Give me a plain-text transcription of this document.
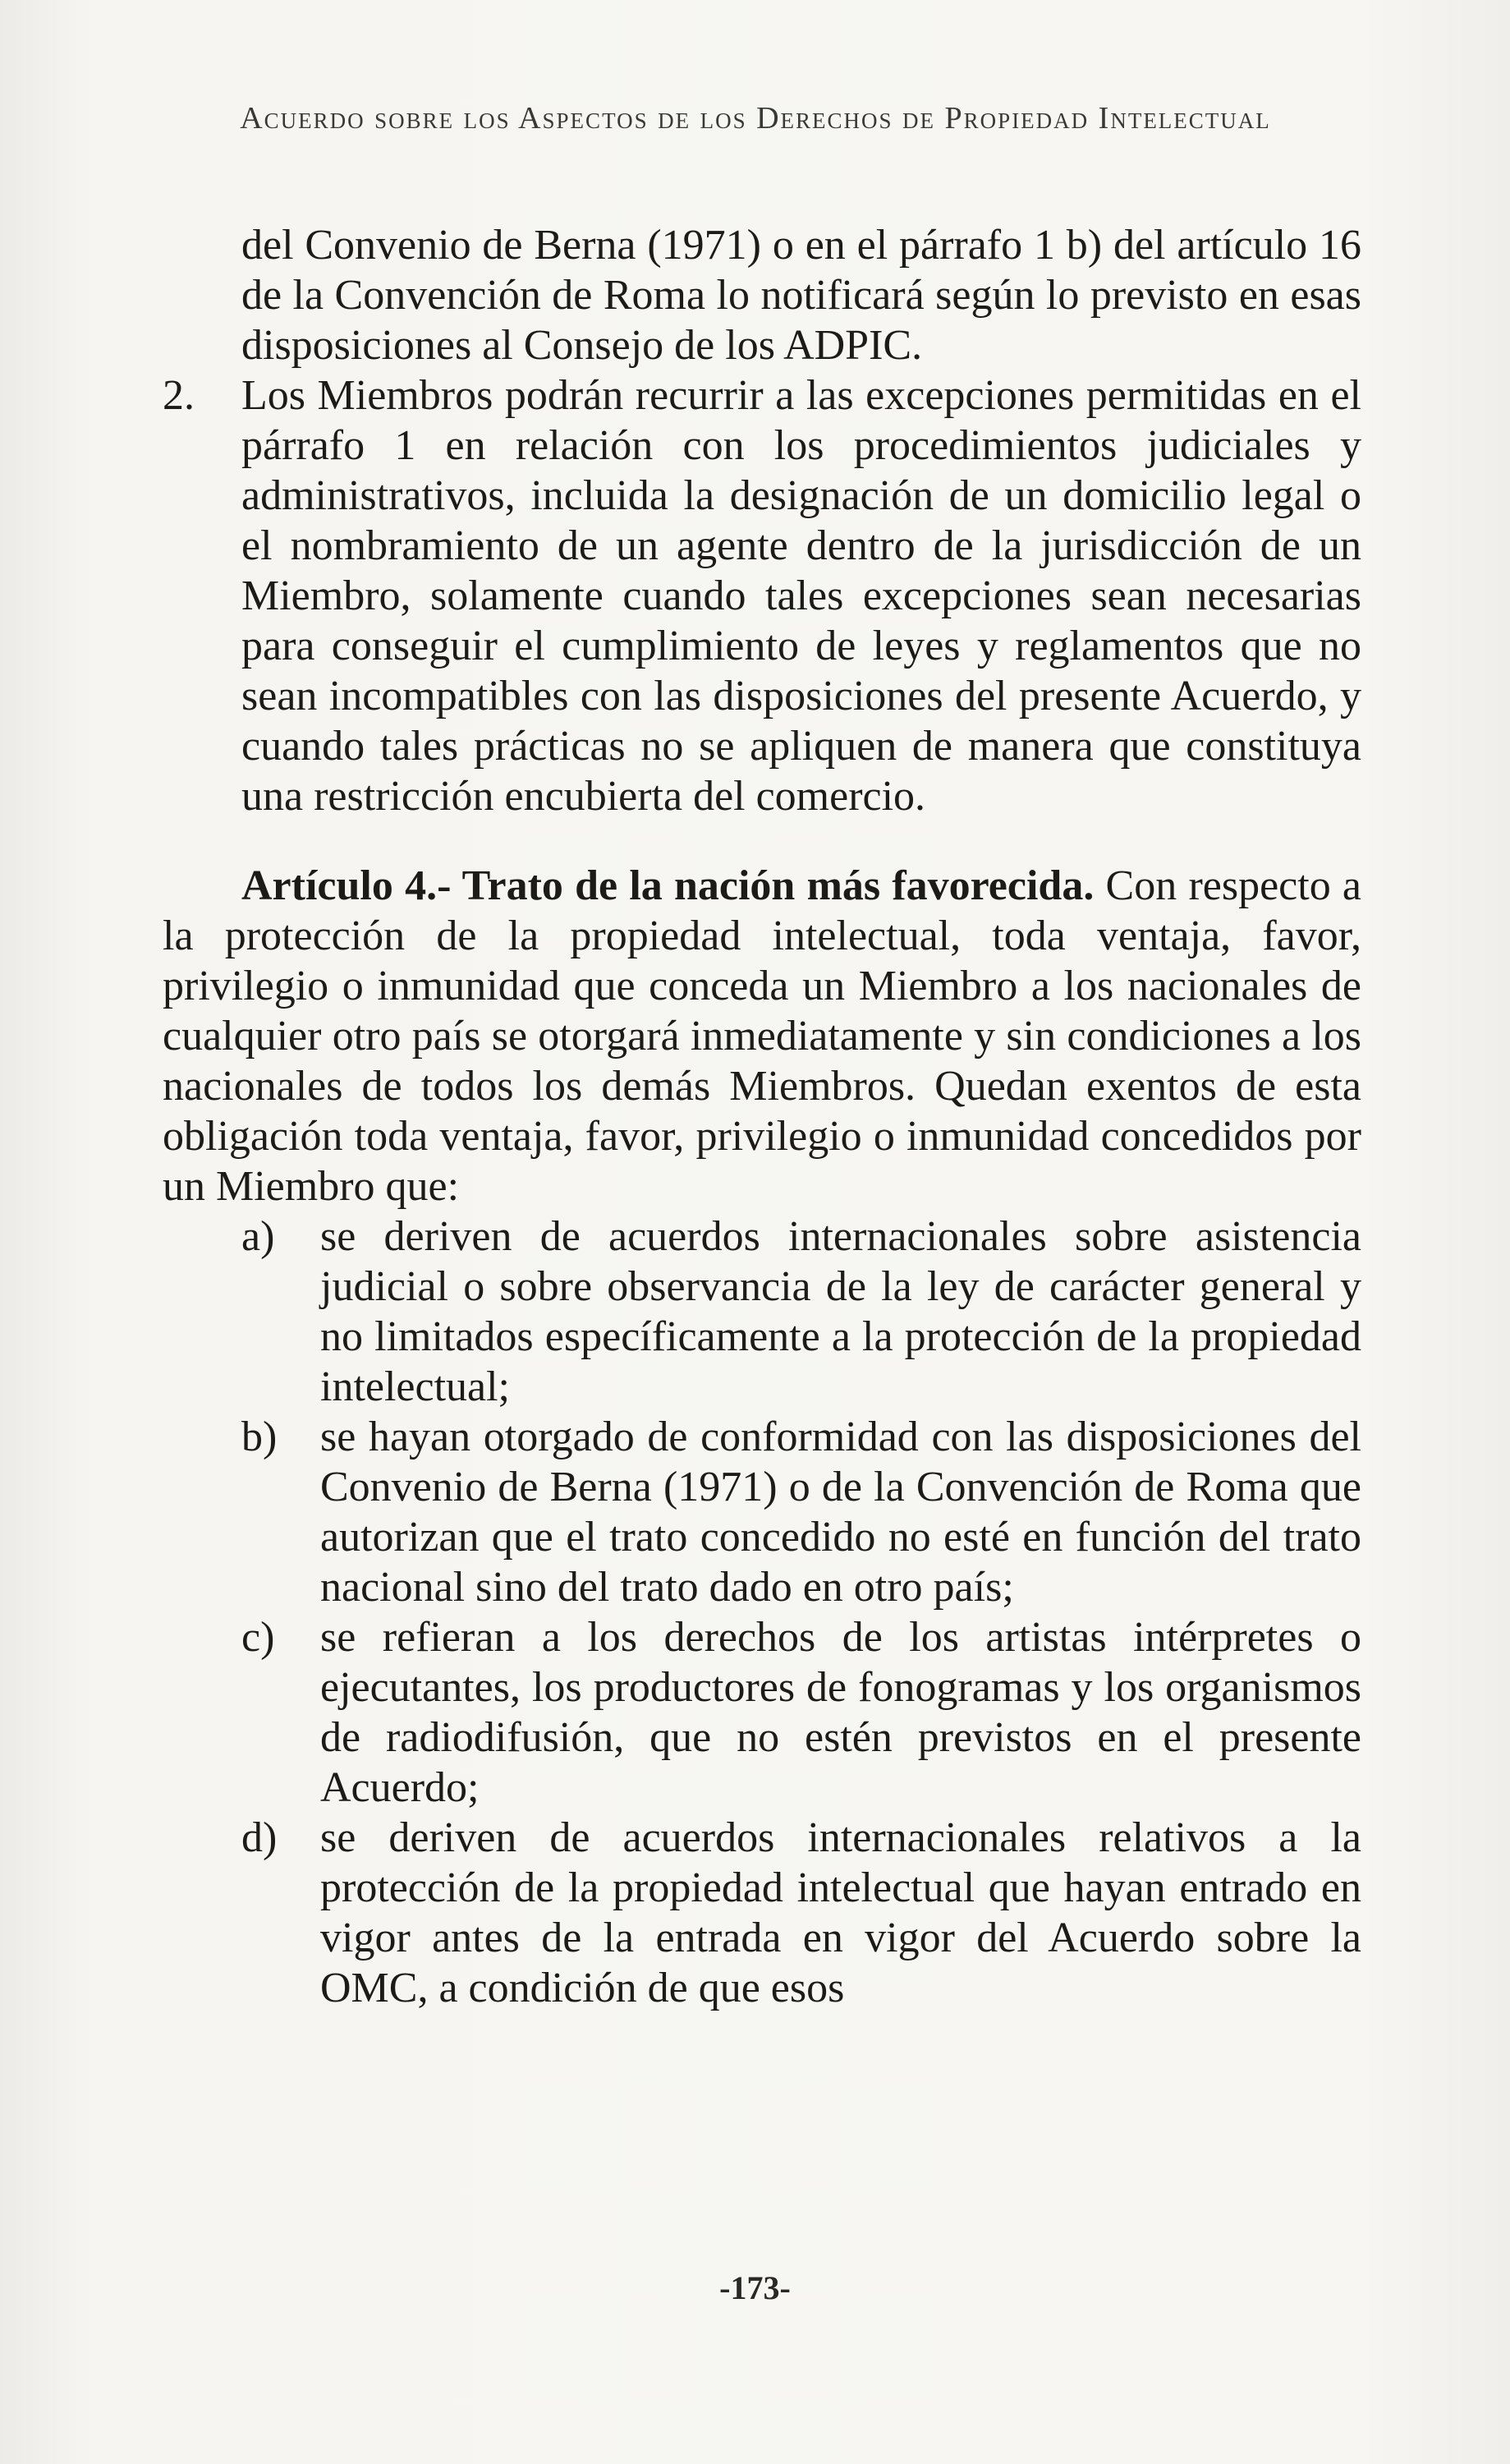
Acuerdo sobre los Aspectos de los Derechos de Propiedad Intelectual

del Convenio de Berna (1971) o en el párrafo 1 b) del artículo 16 de la Convención de Roma lo notificará según lo previsto en esas disposiciones al Consejo de los ADPIC.

2.	Los Miembros podrán recurrir a las excepciones permitidas en el párrafo 1 en relación con los procedimientos judiciales y administrativos, incluida la designación de un domicilio legal o el nombramiento de un agente dentro de la jurisdicción de un Miembro, solamente cuando tales excepciones sean necesarias para conseguir el cumplimiento de leyes y reglamentos que no sean incompatibles con las disposiciones del presente Acuerdo, y cuando tales prácticas no se apliquen de manera que constituya una restricción encubierta del comercio.

Artículo 4.- Trato de la nación más favorecida. Con respecto a la protección de la propiedad intelectual, toda ventaja, favor, privilegio o inmunidad que conceda un Miembro a los nacionales de cualquier otro país se otorgará inmediatamente y sin condiciones a los nacionales de todos los demás Miembros. Quedan exentos de esta obligación toda ventaja, favor, privilegio o inmunidad concedidos por un Miembro que:

a)	se deriven de acuerdos internacionales sobre asistencia judicial o sobre observancia de la ley de carácter general y no limitados específicamente a la protección de la propiedad intelectual;
b)	se hayan otorgado de conformidad con las disposiciones del Convenio de Berna (1971) o de la Convención de Roma que autorizan que el trato concedido no esté en función del trato nacional sino del trato dado en otro país;
c)	se refieran a los derechos de los artistas intérpretes o ejecutantes, los productores de fonogramas y los organismos de radiodifusión, que no estén previstos en el presente Acuerdo;
d)	se deriven de acuerdos internacionales relativos a la protección de la propiedad intelectual que hayan entrado en vigor antes de la entrada en vigor del Acuerdo sobre la OMC, a condición de que esos
-173-
